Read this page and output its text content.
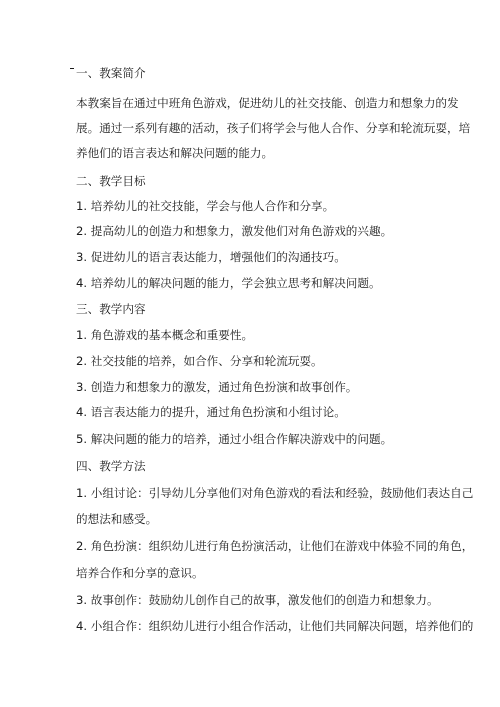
一、教案简介
本教案旨在通过中班角色游戏，促进幼儿的社交技能、创造力和想象力的发
展。通过一系列有趣的活动，孩子们将学会与他人合作、分享和轮流玩耍，培
养他们的语言表达和解决问题的能力。
二、教学目标
1. 培养幼儿的社交技能，学会与他人合作和分享。
2. 提高幼儿的创造力和想象力，激发他们对角色游戏的兴趣。
3. 促进幼儿的语言表达能力，增强他们的沟通技巧。
4. 培养幼儿的解决问题的能力，学会独立思考和解决问题。
三、教学内容
1. 角色游戏的基本概念和重要性。
2. 社交技能的培养，如合作、分享和轮流玩耍。
3. 创造力和想象力的激发，通过角色扮演和故事创作。
4. 语言表达能力的提升，通过角色扮演和小组讨论。
5. 解决问题的能力的培养，通过小组合作解决游戏中的问题。
四、教学方法
1. 小组讨论：引导幼儿分享他们对角色游戏的看法和经验，鼓励他们表达自己
的想法和感受。
2. 角色扮演：组织幼儿进行角色扮演活动，让他们在游戏中体验不同的角色，
培养合作和分享的意识。
3. 故事创作：鼓励幼儿创作自己的故事，激发他们的创造力和想象力。
4. 小组合作：组织幼儿进行小组合作活动，让他们共同解决问题，培养他们的
